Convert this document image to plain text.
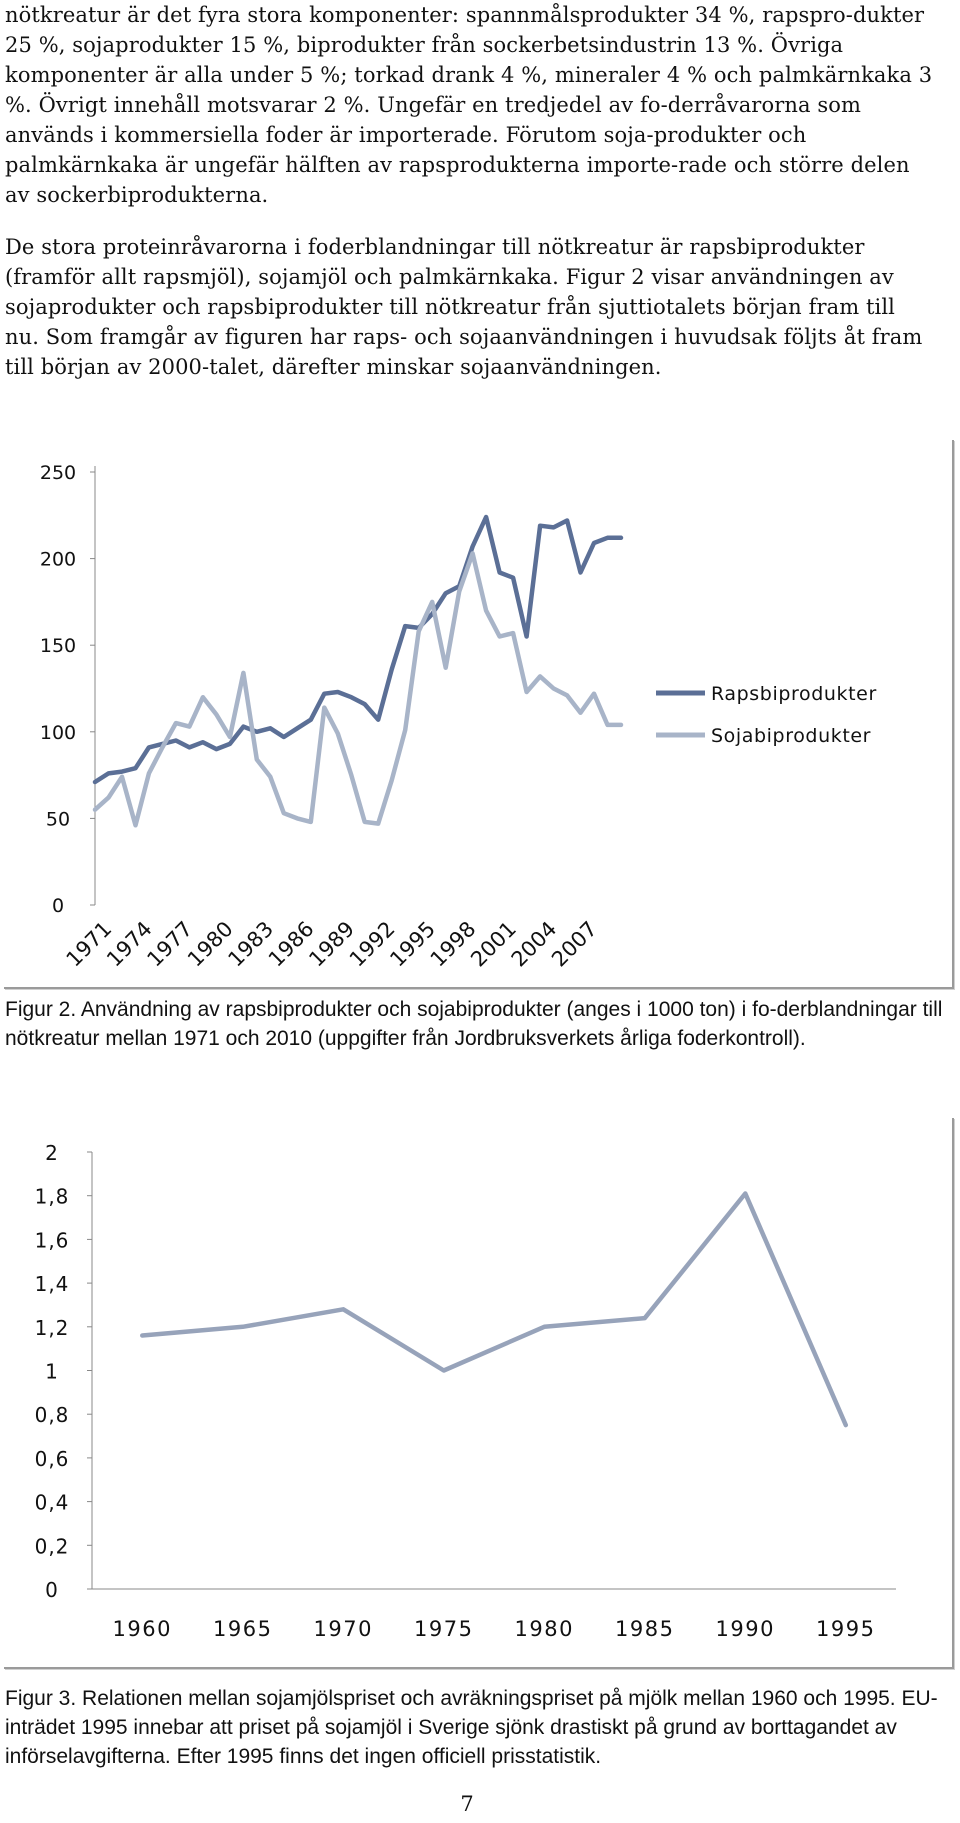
nötkreatur är det fyra stora komponenter: spannmålsprodukter 34 %, rapspro-dukter 25 %, sojaprodukter 15 %, biprodukter från sockerbetsindustrin 13 %. Övriga komponenter är alla under 5 %; torkad drank 4 %, mineraler 4 % och palmkärnkaka 3 %. Övrigt innehåll motsvarar 2 %. Ungefär en tredjedel av fo-derråvarorna som används i kommersiella foder är importerade. Förutom soja-produkter och palmkärnkaka är ungefär hälften av rapsprodukterna importe-rade och större delen av sockerbiprodukterna.

De stora proteinråvarorna i foderblandningar till nötkreatur är rapsbiprodukter (framför allt rapsmjöl), sojamjöl och palmkärnkaka. Figur 2 visar användningen av sojaprodukter och rapsbiprodukter till nötkreatur från sjuttiotalets början fram till nu. Som framgår av figuren har raps- och sojaanvändningen i huvudsak följts åt fram till början av 2000-talet, därefter minskar sojaanvändningen.

0
50
100
150
200
250
1971
1974
1977
1980
1983
1986
1989
1992
1995
1998
2001
2004
2007
Rapsbiprodukter
Sojabiprodukter

Figur 2. Användning av rapsbiprodukter och sojabiprodukter (anges i 1000 ton) i fo-derblandningar till nötkreatur mellan 1971 och 2010 (uppgifter från Jordbruksverkets årliga foderkontroll).

0
0,2
0,4
0,6
0,8
1
1,2
1,4
1,6
1,8
2
1960 1965 1970 1975 1980 1985 1990 1995

Figur 3. Relationen mellan sojamjölspriset och avräkningspriset på mjölk mellan 1960 och 1995. EU-inträdet 1995 innebar att priset på sojamjöl i Sverige sjönk drastiskt på grund av borttagandet av införselavgifterna. Efter 1995 finns det ingen officiell prisstatistik.

7
